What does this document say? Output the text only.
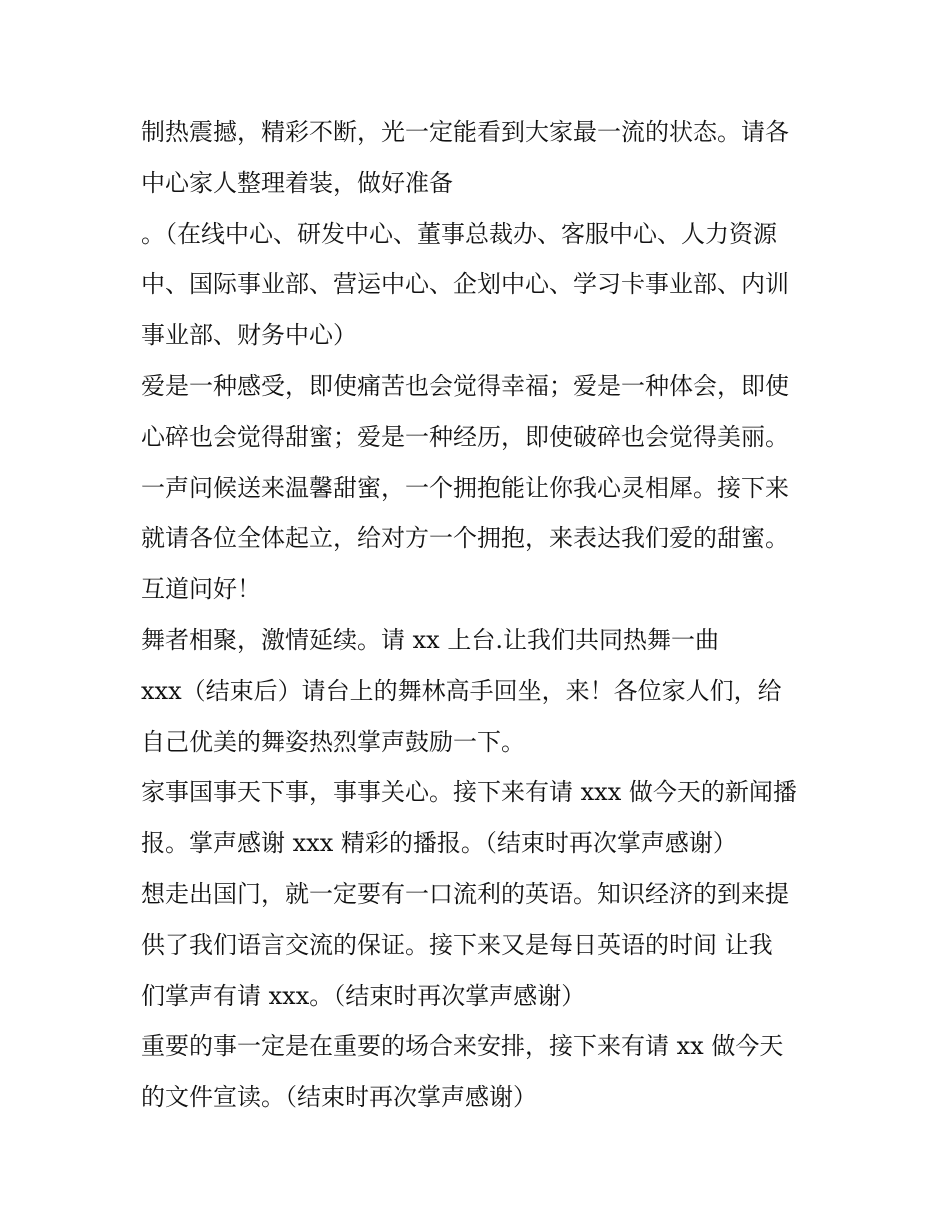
制热震撼，精彩不断，光一定能看到大家最一流的状态。请各
中心家人整理着装，做好准备
。（在线中心、研发中心、董事总裁办、客服中心、人力资源
中、国际事业部、营运中心、企划中心、学习卡事业部、内训
事业部、财务中心）
爱是一种感受，即使痛苦也会觉得幸福；爱是一种体会，即使
心碎也会觉得甜蜜；爱是一种经历，即使破碎也会觉得美丽。
一声问候送来温馨甜蜜，一个拥抱能让你我心灵相犀。接下来
就请各位全体起立，给对方一个拥抱，来表达我们爱的甜蜜。
互道问好！
舞者相聚，激情延续。请 xx 上台.让我们共同热舞一曲
xxx（结束后）请台上的舞林高手回坐，来！各位家人们，给
自己优美的舞姿热烈掌声鼓励一下。
家事国事天下事，事事关心。接下来有请 xxx 做今天的新闻播
报。掌声感谢 xxx 精彩的播报。（结束时再次掌声感谢）
想走出国门，就一定要有一口流利的英语。知识经济的到来提
供了我们语言交流的保证。接下来又是每日英语的时间 让我
们掌声有请 xxx。（结束时再次掌声感谢）
重要的事一定是在重要的场合来安排，接下来有请 xx 做今天
的文件宣读。（结束时再次掌声感谢）
